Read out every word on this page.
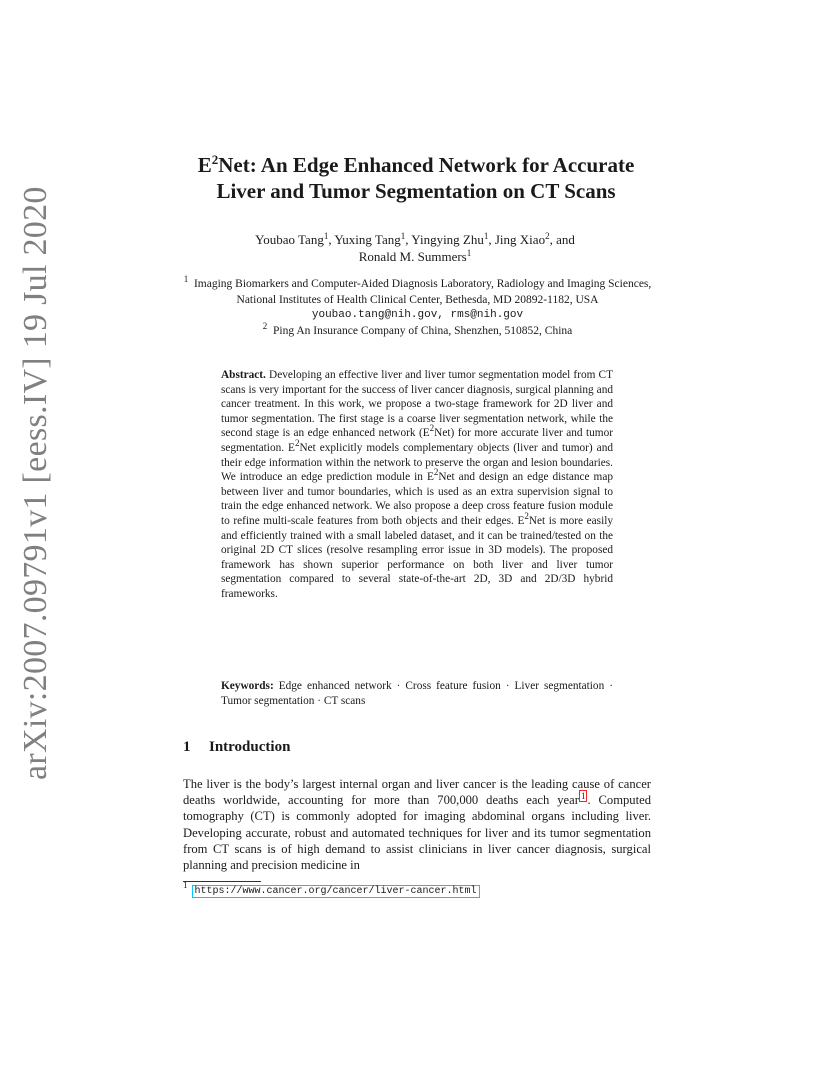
arXiv:2007.09791v1 [eess.IV] 19 Jul 2020
$E^2Net$: An Edge Enhanced Network for Accurate
Liver and Tumor Segmentation on CT Scans
Youbao Tang$^1$, Yuxing Tang$^1$, Yingying Zhu$^1$, Jing Xiao$^2$, and
Ronald M. Summers$^1$
$^1$ Imaging Biomarkers and Computer-Aided Diagnosis Laboratory, Radiology and Imaging Sciences, National Institutes of Health Clinical Center, Bethesda, MD 20892-1182, USA
youbao.tang@nih.gov, rms@nih.gov
$^2$ Ping An Insurance Company of China, Shenzhen, 510852, China
Abstract. Developing an effective liver and liver tumor segmentation model from CT scans is very important for the success of liver cancer diagnosis, surgical planning and cancer treatment. In this work, we propose a two-stage framework for 2D liver and tumor segmentation. The first stage is a coarse liver segmentation network, while the second stage is an edge enhanced network $(E^2Net)$ for more accurate liver and tumor segmentation. $E^2Net$ explicitly models complementary objects (liver and tumor) and their edge information within the network to preserve the organ and lesion boundaries. We introduce an edge prediction module in $E^2Net$ and design an edge distance map between liver and tumor boundaries, which is used as an extra supervision signal to train the edge enhanced network. We also propose a deep cross feature fusion module to refine multi-scale features from both objects and their edges. $E^2Net$ is more easily and efficiently trained with a small labeled dataset, and it can be trained/tested on the original 2D CT slices (resolve resampling error issue in 3D models). The proposed framework has shown superior performance on both liver and liver tumor segmentation compared to several state-of-the-art 2D, 3D and 2D/3D hybrid frameworks.
Keywords: Edge enhanced network · Cross feature fusion · Liver segmentation · Tumor segmentation · CT scans
1 Introduction
The liver is the body’s largest internal organ and liver cancer is the leading cause of cancer deaths worldwide, accounting for more than 700,000 deaths each year $^1$ . Computed tomography (CT) is commonly adopted for imaging abdominal organs including liver. Developing accurate, robust and automated techniques for liver and its tumor segmentation from CT scans is of high demand to assist clinicians in liver cancer diagnosis, surgical planning and precision medicine in
$^1$https://www.cancer.org/cancer/liver-cancer.html
